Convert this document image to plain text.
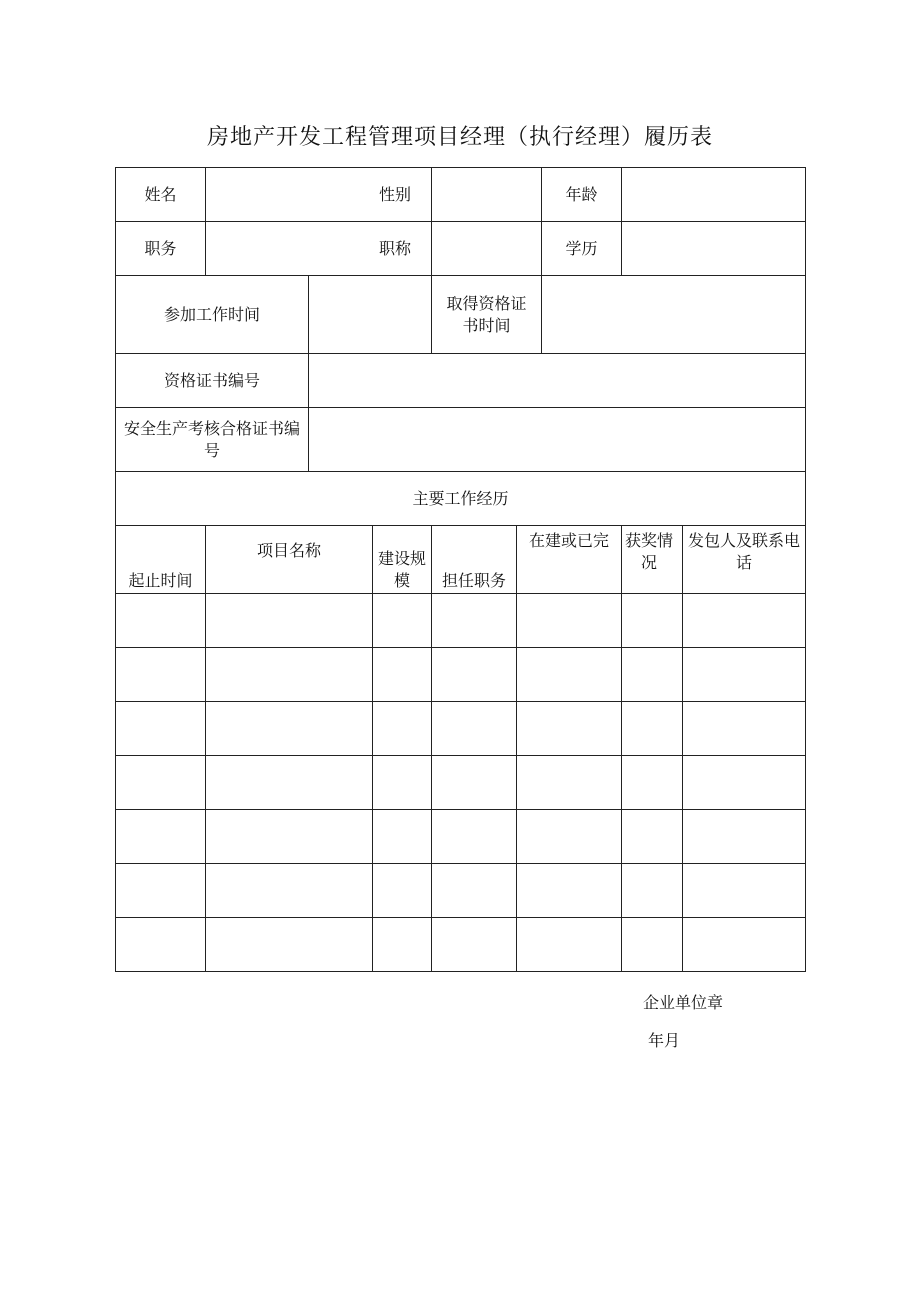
房地产开发工程管理项目经理（执行经理）履历表
姓名	性别					年龄		
职务	职称					学历		
参加工作时间				取得资格证书时间				
资格证书编号								
安全生产考核合格证书编号								
主要工作经历								
起止时间	项目名称		建设规模	担任职务	在建或已完		获奖情况	发包人及联系电话

企业单位章
年月
